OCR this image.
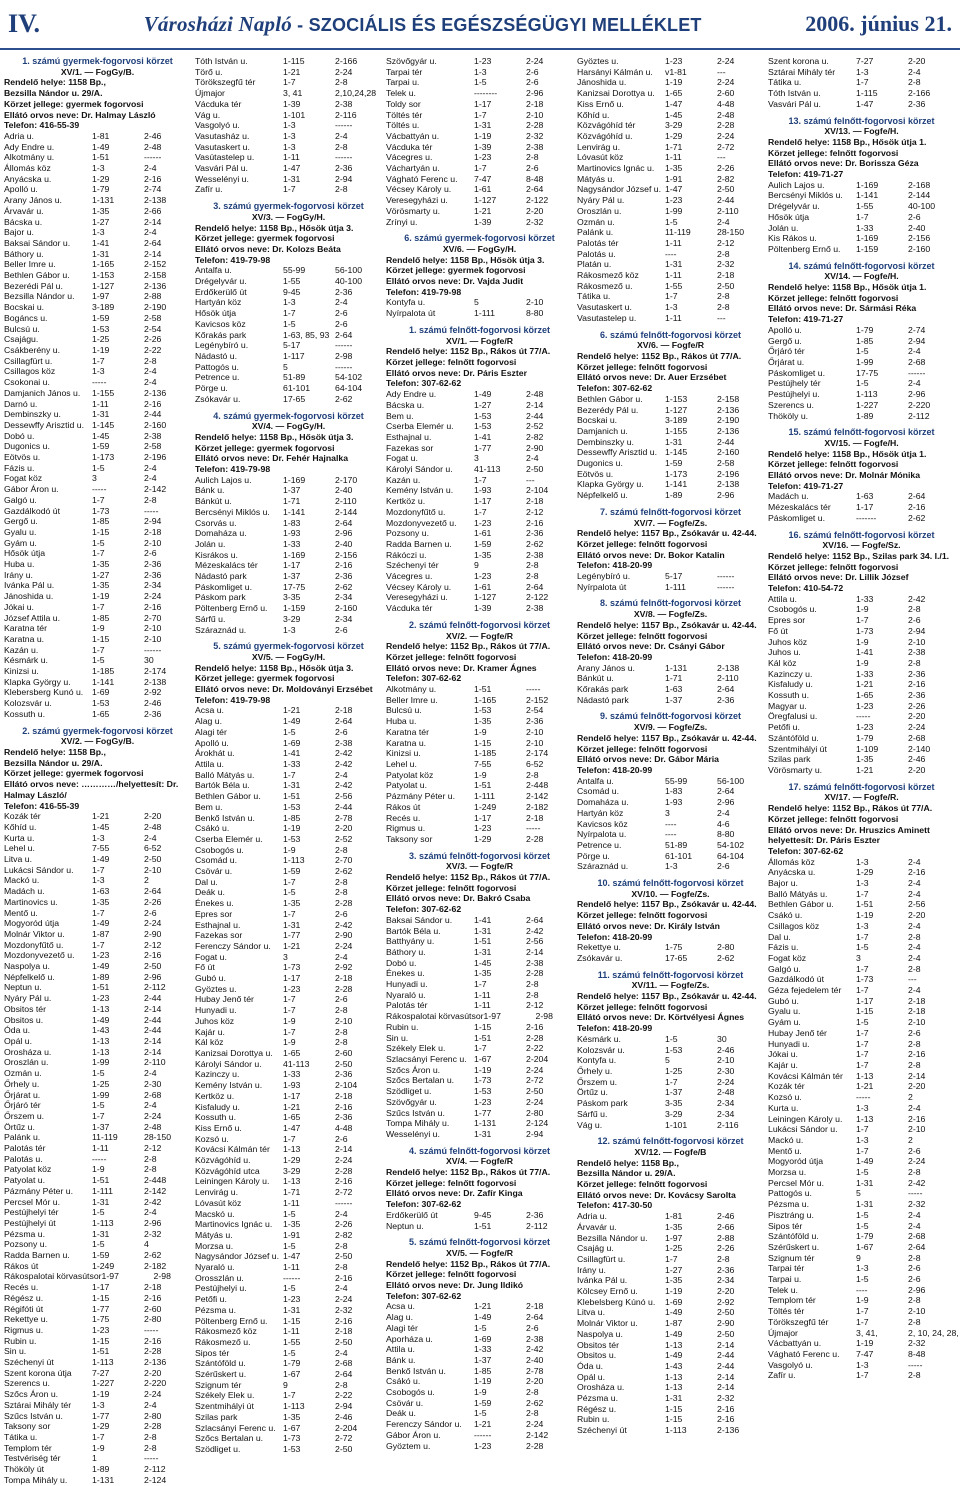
IV.	Városházi Napló - SZOCIÁLIS ÉS EGÉSZSÉGÜGYI MELLÉKLET	2006. június 21.
1. számú gyermek-fogorvosi körzet
XV/1. — FogGy/B.
Rendelő helye: 1158 Bp.,
Bezsilla Nándor u. 29/A.
Körzet jellege: gyermek fogorvosi
Ellátó orvos neve: Dr. Halmay László
Telefon: 416-55-39
Adria u.	1-81	2-46
Ady Endre u.	1-49	2-48
Alkotmány u.	1-51	------
Állomás köz	1-3	2-4
Anyácska u.	1-29	2-16
Apolló u.	1-79	2-74
Arany János u.	1-131	2-138
Árvavár u.	1-35	2-66
Bácska u.	1-27	2-14
Bajor u.	1-3	2-4
Baksai Sándor u.	1-41	2-64
Báthory u.	1-31	2-14
Beller Imre u.	1-165	2-152
Bethlen Gábor u.	1-153	2-158
Bezerédi Pál u.	1-127	2-136
Bezsilla Nándor u.	1-97	2-88
Bocskai u.	3-189	2-190
Bogáncs u.	1-59	2-58
Bulcsú u.	1-53	2-54
Csajágu.	1-25	2-26
Csákberény u.	1-19	2-22
Csillagfürt u.	1-7	2-8
Csillagos köz	1-3	2-4
Csokonai u.	-----	2-4
Damjanich János u.	1-155	2-136
Darnó u.	1-11	2-16
Dembinszky u.	1-31	2-44
Dessewffy Arisztid u. 1-145	2-160
Dobó u.	1-45	2-38
Dugonics u.	1-59	2-58
Eötvös u.	1-173	2-196
Fázis u.	1-5	2-4
Fogat köz	3	2-4
Gábor Áron u.	-----	2-142
Galgó u.	1-7	2-8
Gazdálkodó út	1-73	-----
Gergő u.	1-85	2-94
Gyalu u.	1-15	2-18
Gyám u.	1-5	2-10
Hősök útja	1-7	2-6
Huba u.	1-35	2-36
Irány u.	1-27	2-36
Ivánka Pál u.	1-35	2-34
Jánoshida u.	1-19	2-24
Jókai u.	1-7	2-16
József Attila u.	1-85	2-70
Karatna tér	1-9	2-10
Karatna u.	1-15	2-10
Kazán u.	1-7	------
Késmárk u.	1-5	30
Kinizsi u.	1-185	2-174
Klapka György u.	1-141	2-138
Klebersberg Kunó u.	1-69	2-92
Kolozsvár u.	1-53	2-46
Kossuth u.	1-65	2-36
2. számú gyermek-fogorvosi körzet
XV/2. — FogGy/B.
Rendelő helye: 1158 Bp.,
Bezsilla Nándor u. 29/A.
Körzet jellege: gyermek fogorvosi
Ellátó orvos neve: …………/helyettesít: Dr.
Halmay László/
Telefon: 416-55-39
Kozák tér	1-21	2-20
Kőhíd u.	1-45	2-48
Kurta u.	1-3	2-4
Lehel u.	7-55	6-52
Litva u.	1-49	2-50
Lukácsi Sándor u.	1-7	2-10
Mackó u.	1-3	2
Madách u.	1-63	2-64
Martinovics u.	1-35	2-26
Mentő u.	1-7	2-6
Mogyoród útja	1-49	2-24
Molnár Viktor u.	1-87	2-90
Mozdonyfűtő u.	1-7	2-12
Mozdonyvezető u.	1-23	2-16
Naspolya u.	1-49	2-50
Népfelkelő u.	1-89	2-96
Neptun u.	1-51	2-112
Nyáry Pál u.	1-23	2-44
Obsitos tér	1-13	2-14
Obsitos u.	1-49	2-44
Óda u.	1-43	2-44
Opál u.	1-13	2-14
Orosháza u.	1-13	2-14
Oroszlán u.	1-99	2-110
Ozmán u.	1-5	2-4
Őrhely u.	1-25	2-30
Őrjárat u.	1-99	2-68
Őrjáró tér	1-5	2-4
Őrszem u.	1-7	2-24
Örtűz u.	1-37	2-48
Palánk u.	11-119	28-150
Palotás tér	1-11	2-12
Palotás u.	-----	2-8
Patyolat köz	1-9	2-8
Patyolat u.	1-51	2-448
Pázmány Péter u.	1-111	2-142
Percsel Mór u.	1-31	2-42
Pestújhelyi tér	1-5	2-4
Pestújhelyi út	1-113	2-96
Pézsma u.	1-31	2-32
Pozsony u.	1-5	4
Radda Barnen u.	1-59	2-62
Rákos út	1-249	2-182
Rákospalotai körvasútsor 1-97	2-98
Recés u.	1-17	2-18
Régész u.	1-15	2-16
Régifóti út	1-77	2-60
Rekettye u.	1-75	2-80
Rigmus u.	1-23	-----
Rubin u.	1-15	2-16
Sin u.	1-51	2-28
Széchenyi út	1-113	2-136
Szent korona útja	7-27	2-20
Szerencs u.	1-227	2-220
Szőcs Áron u.	1-19	2-24
Sztárai Mihály tér	1-3	2-4
Szűcs István u.	1-77	2-80
Taksony sor	1-29	2-28
Tátika u.	1-7	2-8
Templom tér	1-9	2-8
Testvériség tér	1	-----
Thököly út	1-89	2-112
Tompa Mihály u.	1-131	2-124
Tóth István u.	1-115	2-166
Törő u.	1-21	2-24
Törökszegfű tér	1-7	2-8
Újmajor	3, 41	2,10,24,28
Vácduka tér	1-39	2-38
Vág u.	1-101	2-116
Vasgolyó u.	1-3	------
Vasutasház u.	1-3	2-4
Vasutaskert u.	1-3	2-8
Vasútastelep u.	1-11	------
Vasvári Pál u.	1-47	2-36
Wesselényi u.	1-31	2-94
Zafír u.	1-7	2-8
3. számú gyermek-fogorvosi körzet
XV/3. — FogGy/H.
Rendelő helye: 1158 Bp., Hősök útja 3.
Körzet jellege: gyermek fogorvosi
Ellátó orvos neve: Dr. Kolozs Beáta
Telefon: 419-79-98
Antalfa u.	55-99	56-100
Drégelyvár u.	1-55	40-100
Erdőkerülő út	9-45	2-36
Hartyán köz	1-3	2-4
Hősök útja	1-7	2-6
Kavicsos köz	1-5	2-6
Kőrakás park	1-63, 85, 93 2-64
Legénybíró u.	5-17	------
Nádastó u.	1-117	2-98
Pattogós u.	5	------
Petrence u.	51-89	54-102
Pörge u.	61-101	64-104
Zsókavár u.	17-65	2-62
4. számú gyermek-fogorvosi körzet
XV/4. — FogGy/H.
Rendelő helye: 1158 Bp., Hősök útja 3.
Körzet jellege: gyermek fogorvosi
Ellátó orvos neve: Dr. Fehér Hajnalka
Telefon: 419-79-98
Aulich Lajos u.	1-169	2-170
Bánk u.	1-37	2-40
Bánkút u.	1-71	2-110
Bercsényi Miklós u.	1-141	2-144
Csorvás u.	1-83	2-64
Domaháza u.	1-93	2-96
Jolán u.	1-33	2-40
Kisrákos u.	1-169	2-156
Mézeskalács tér	1-17	2-16
Nádastó park	1-37	2-36
Páskomliget u.	17-75	2-62
Páskom park	3-35	2-34
Pöltenberg Ernő u.	1-159	2-160
Sárfű u.	3-29	2-34
Száraznád u.	1-3	2-6
5. számú gyermek-fogorvosi körzet
XV/5. — FogGy/H.
Rendelő helye: 1158 Bp., Hősök útja 3.
Körzet jellege: gyermek fogorvosi
Ellátó orvos neve: Dr. Moldoványi Erzsébet
Telefon: 419-79-98
Acsa u.	1-21	2-18
Alag u.	1-49	2-64
Alagi tér	1-5	2-6
Apolló u.	1-69	2-38
Árokhát u.	1-41	2-42
Attila u.	1-33	2-42
Balló Mátyás u.	1-7	2-4
Bartók Béla u.	1-31	2-42
Bethlen Gábor u.	1-51	2-56
Bem u.	1-53	2-44
Benkő István u.	1-85	2-78
Csákó u.	1-19	2-20
Cserba Elemér u.	1-53	2-52
Csobogós u.	1-9	2-8
Csomád u.	1-113	2-70
Csövár u.	1-59	2-62
Dal u.	1-7	2-8
Deák u.	1-5	2-8
Énekes u.	1-35	2-28
Epres sor	1-7	2-6
Esthajnal u.	1-31	2-42
Fazekas sor	1-77	2-90
Ferenczy Sándor u.	1-21	2-24
Fogat u.	3	2-4
Fő út	1-73	2-92
Gubó u.	1-17	2-18
Gyöztes u.	1-23	2-28
Hubay Jenő tér	1-7	2-6
Hunyadi u.	1-7	2-8
Juhos köz	1-9	2-10
Kajár u.	1-7	2-8
Kál köz	1-9	2-8
Kanizsai Dorottya u.	1-65	2-60
Károlyi Sándor u.	41-113	2-50
Kazinczy u.	1-33	2-36
Kemény István u.	1-93	2-104
Kertköz u.	1-17	2-18
Kisfaludy u.	1-21	2-16
Kossuth u.	1-65	2-36
Kiss Ernő u.	1-47	4-48
Kozsó u.	1-7	2-6
Kovácsi Kálmán tér	1-13	2-14
Közvágóhíd u.	1-29	2-24
Közvágóhíd utca	3-29	2-28
Leiningen Károly u.	1-13	2-16
Lenvirág u.	1-71	2-72
Lóvasút köz	1-11	------
Macskó u.	1-5	2-4
Martinovics Ignác u.	1-35	2-26
Mátyás u.	1-91	2-82
Morzsa u.	1-5	2-8
Nagysándor József u. 1-47	2-50
Nyaraló u.	1-11	2-8
Orosszlán u.	------	2-16
Pestújhelyi u.	1-5	2-4
Petőfi u.	1-23	2-24
Pézsma u.	1-31	2-32
Pöltenberg Ernő u.	1-15	2-16
Rákosmező köz	1-11	2-18
Rákosmező u.	1-55	2-50
Sipos tér	1-5	2-4
Szántóföld u.	1-79	2-68
Szérűskert u.	1-67	2-64
Szignum tér	9	2-8
Székely Elek u.	1-7	2-22
Szentmihályi út	1-113	2-94
Szilas park	1-35	2-46
Szlacsányi Ferenc u. 1-67	2-204
Szőcs Bertalan u.	1-73	2-72
Szödliget u.	1-53	2-50
Szövőgyár u.	1-23	2-24
Tarpai tér	1-3	2-6
Tarpai u.	1-5	2-6
Telek u.	--------	2-96
Toldy sor	1-17	2-18
Töltés tér	1-7	2-10
Töltés u.	1-31	2-28
Vácbattyán u.	1-19	2-32
Vácduka tér	1-39	2-38
Vácegres u.	1-23	2-8
Váchartyán u.	1-7	2-6
Vágható Ferenc u.	7-47	8-48
Vécsey Károly u.	1-61	2-64
Veresegyházi u.	1-127	2-122
Vörösmarty u.	1-21	2-20
Zrínyi u.	1-39	2-32
6. számú gyermek-fogorvosi körzet
XV/6. — FogGy/H.
Rendelő helye: 1158 Bp., Hősök útja 3.
Körzet jellege: gyermek fogorvosi
Ellátó orvos neve: Dr. Vajda Judit
Telefon: 419-79-98
Kontyfa u.	5	2-10
Nyírpalota út	1-111	8-80
1. számú felnőtt-fogorvosi körzet
XV/1. — Fogfe/R
Rendelő helye: 1152 Bp., Rákos út 77/A.
Körzet jellege: felnőtt fogorvosi
Ellátó orvos neve: Dr. Páris Eszter
Telefon: 307-62-62
Ady Endre u.	1-49	2-48
Bácska u.	1-27	2-14
Bem u.	1-53	2-44
Cserba Elemér u.	1-53	2-52
Esthajnal u.	1-41	2-82
Fazekas sor	1-77	2-90
Fogat u.	3	2-4
Károlyi Sándor u.	41-113	2-50
Kazán u.	1-7	---
Kemény István u.	1-93	2-104
Kertköz u.	1-17	2-18
Mozdonyfűtő u.	1-7	2-12
Mozdonyvezető u.	1-23	2-16
Pozsony u.	1-61	2-36
Radda Barnen u.	1-59	2-62
Rákóczi u.	1-35	2-38
Széchenyi tér	9	2-8
Vácegres u.	1-23	2-8
Vécsey Károly u.	1-61	2-64
Veresegyházi u.	1-127	2-122
Vácduka tér	1-39	2-38
2. számú felnőtt-fogorvosi körzet
XV/2. — Fogfe/R
Rendelő helye: 1152 Bp., Rákos út 77/A.
Körzet jellege: felnőtt fogorvosi
Ellátó orvos neve: Dr. Kramer Ágnes
Telefon: 307-62-62
Alkotmány u.	1-51	-----
Beller Imre u.	1-165	2-152
Bulcsú u.	1-53	2-54
Huba u.	1-35	2-36
Karatna tér	1-9	2-10
Karatna u.	1-15	2-10
Kinizsi u.	1-185	2-174
Lehel u.	7-55	6-52
Patyolat köz	1-9	2-8
Patyolat u.	1-51	2-448
Pázmány Péter u.	1-111	2-142
Rákos út	1-249	2-182
Recés u.	1-17	2-18
Rigmus u.	1-23	-----
Taksony sor	1-29	2-28
3. számú felnőtt-fogorvosi körzet
XV/3. — Fogfe/R
Rendelő helye: 1152 Bp., Rákos út 77/A.
Körzet jellege: felnőtt fogorvosi
Ellátó orvos neve: Dr. Bakró Csaba
Telefon: 307-62-62
Baksai Sándor u.	1-41	2-64
Bartók Béla u.	1-31	2-42
Batthyány u.	1-51	2-56
Báthory u.	1-31	2-14
Dobó u.	1-45	2-38
Énekes u.	1-35	2-28
Hunyadi u.	1-7	2-8
Nyaraló u.	1-11	2-8
Palotás tér	1-11	2-12
Rákospalotai körvasútsor 1-97	2-98
Rubin u.	1-15	2-16
Sin u.	1-51	2-28
Székely Elek u.	1-7	2-22
Szlacsányi Ferenc u. 1-67	2-204
Szőcs Áron u.	1-19	2-24
Szőcs Bertalan u.	1-73	2-72
Szödliget u.	1-53	2-50
Szövőgyár u.	1-23	2-24
Szűcs István u.	1-77	2-80
Tompa Mihály u.	1-131	2-124
Wesselényi u.	1-31	2-94
4. számú felnőtt-fogorvosi körzet
XV/4. — Fogfe/R
Rendelő helye: 1152 Bp., Rákos út 77/A.
Körzet jellege: felnőtt fogorvosi
Ellátó orvos neve: Dr. Zafír Kinga
Telefon: 307-62-62
Erdőkerülő út	9-45	2-36
Neptun u.	1-51	2-112
5. számú felnőtt-fogorvosi körzet
XV/5. — Fogfe/R
Rendelő helye: 1152 Bp., Rákos út 77/A.
Körzet jellege: felnőtt fogorvosi
Ellátó orvos neve: Dr. Jung Ildikó
Telefon: 307-62-62
Acsa u.	1-21	2-18
Alag u.	1-49	2-64
Alagi tér	1-5	2-6
Aporháza u.	1-69	2-38
Attila u.	1-33	2-42
Bánk u.	1-37	2-40
Benkő István u.	1-85	2-78
Csákó u.	1-19	2-20
Csobogós u.	1-9	2-8
Csövár u.	1-59	2-62
Deák u.	1-5	2-8
Ferenczy Sándor u.	1-21	2-24
Gábor Áron u.	------	2-142
Gyöztem u.	1-23	2-28
Gyöztes u.	1-23	2-24
Harsányi Kálmán u.	v1-81	---
Jánoshida u.	1-19	2-24
Kanizsai Dorottya u.	1-65	2-60
Kiss Ernő u.	1-47	4-48
Kőhíd u.	1-45	2-48
Közvágóhíd tér	3-29	2-28
Közvágóhíd u.	1-29	2-24
Lenvirág u.	1-71	2-72
Lóvasút köz	1-11	---
Martinovics Ignác u.	1-35	2-26
Mátyás u.	1-91	2-82
Nagysándor József u. 1-47	2-50
Nyáry Pál u.	1-23	2-44
Oroszlán u.	1-99	2-110
Ozmán u.	1-5	2-4
Palánk u.	11-119	28-150
Palotás tér	1-11	2-12
Palotás u.	----	2-8
Platán u.	1-31	2-32
Rákosmező köz	1-11	2-18
Rákosmező u.	1-55	2-50
Tátika u.	1-7	2-8
Vasutaskert u.	1-3	2-8
Vasutastelep u.	1-11	---
6. számú felnőtt-fogorvosi körzet
XV/6. — Fogfe/R
Rendelő helye: 1152 Bp., Rákos út 77/A.
Körzet jellege: felnőtt fogorvosi
Ellátó orvos neve: Dr. Auer Erzsébet
Telefon: 307-62-62
Bethlen Gábor u.	1-153	2-158
Bezerédy Pál u.	1-127	2-136
Bocskai u.	3-189	2-190
Damjanich u.	1-155	2-136
Dembinszky u.	1-31	2-44
Dessewffy Arisztid u. 1-145	2-160
Dugonics u.	1-59	2-58
Eötvös u.	1-173	2-196
Klapka György u.	1-141	2-138
Népfelkelő u.	1-89	2-96
7. számú felnőtt-fogorvosi körzet
XV/7. — Fogfe/Zs.
Rendelő helye: 1157 Bp., Zsókavár u. 42-44.
Körzet jellege: felnőtt fogorvosi
Ellátó orvos neve: Dr. Bokor Katalin
Telefon: 418-20-99
Legénybíró u.	5-17	------
Nyírpalota út	1-111	------
8. számú felnőtt-fogorvosi körzet
XV/8. — Fogfe/Zs.
Rendelő helye: 1157 Bp., Zsókavár u. 42-44.
Körzet jellege: felnőtt fogorvosi
Ellátó orvos neve: Dr. Csányi Gábor
Telefon: 418-20-99
Arany János u.	1-131	2-138
Bánkút u.	1-71	2-110
Kőrakás park	1-63	2-64
Nádastó park	1-37	2-36
9. számú felnőtt-fogorvosi körzet
XV/9. — Fogfe/Zs.
Rendelő helye: 1157 Bp., Zsókavár u. 42-44.
Körzet jellege: felnőtt fogorvosi
Ellátó orvos neve: Dr. Gábor Mária
Telefon: 418-20-99
Antalfa u.	55-99	56-100
Csomád u.	1-83	2-64
Domaháza u.	1-93	2-96
Hartyán köz	3	2-4
Kavicsos köz	----	4-6
Nyírpalota u.	----	8-80
Petrence u.	51-89	54-102
Pörge u.	61-101	64-104
Száraznád u.	1-3	2-6
10. számú felnőtt-fogorvosi körzet
XV/10. — Fogfe/Zs.
Rendelő helye: 1157 Bp., Zsókavár u. 42-44.
Körzet jellege: felnőtt fogorvosi
Ellátó orvos neve: Dr. Király István
Telefon: 418-20-99
Rekettye u.	1-75	2-80
Zsókavár u.	17-65	2-62
11. számú felnőtt-fogorvosi körzet
XV/11. — Fogfe/Zs.
Rendelő helye: 1157 Bp., Zsókavár u. 42-44.
Körzet jellege: felnőtt fogorvosi
Ellátó orvos neve: Dr. Körtvélyesi Ágnes
Telefon: 418-20-99
Késmárk u.	1-5	30
Kolozsvár u.	1-53	2-46
Kontyfa u.	5	2-10
Őrhely u.	1-25	2-30
Őrszem u.	1-7	2-24
Örtűz u.	1-37	2-48
Páskom park	3-35	2-34
Sárfű u.	3-29	2-34
Vág u.	1-101	2-116
12. számú felnőtt-fogorvosi körzet
XV/12. — Fogfe/B
Rendelő helye: 1158 Bp.,
Bezsilla Nándor u. 29/A.
Körzet jellege: felnőtt fogorvosi
Ellátó orvos neve: Dr. Kovácsy Sarolta
Telefon: 417-30-50
Adria u.	1-81	2-46
Árvavár u.	1-35	2-66
Bezsilla Nándor u.	1-97	2-88
Csajág u.	1-25	2-26
Csillagfürt u.	1-7	2-8
Irány u.	1-27	2-36
Ivánka Pál u.	1-35	2-34
Kölcsey Ernő u.	1-19	2-20
Klebelsberg Kúnó u.	1-69	2-92
Litva u.	1-49	2-50
Molnár Viktor u.	1-87	2-90
Naspolya u.	1-49	2-50
Obsitos tér	1-13	2-14
Obsitos u.	1-49	2-44
Óda u.	1-43	2-44
Opál u.	1-13	2-14
Orosháza u.	1-13	2-14
Pézsma u.	1-31	2-32
Régész u.	1-15	2-16
Rubin u.	1-15	2-16
Széchenyi út	1-113	2-136
Szent korona u.	7-27	2-20
Sztárai Mihály tér	1-3	2-4
Tátika u.	1-7	2-8
Tóth István u.	1-115	2-166
Vasvári Pál u.	1-47	2-36
13. számú felnőtt-fogorvosi körzet
XV/13. — Fogfe/H.
Rendelő helye: 1158 Bp., Hősök útja 1.
Körzet jellege: felnőtt fogorvosi
Ellátó orvos neve: Dr. Borissza Géza
Telefon: 419-71-27
Aulich Lajos u.	1-169	2-168
Bercsényi Miklós u.	1-141	2-144
Drégelyvár u.	1-55	40-100
Hősök útja	1-7	2-6
Jolán u.	1-33	2-40
Kis Rákos u.	1-169	2-156
Pöltenberg Ernő u.	1-159	2-160
14. számú felnőtt-fogorvosi körzet
XV/14. — Fogfe/H.
Rendelő helye: 1158 Bp., Hősök útja 1.
Körzet jellege: felnőtt fogorvosi
Ellátó orvos neve: Dr. Sármási Réka
Telefon: 419-71-27
Apolló u.	1-79	2-74
Gergő u.	1-85	2-94
Őrjáró tér	1-5	2-4
Őrjárat u.	1-99	2-68
Páskomliget u.	17-75	------
Pestújhely tér	1-5	2-4
Pestújhelyi u.	1-113	2-96
Szerencs u.	1-227	2-220
Thököly u.	1-89	2-112
15. számú felnőtt-fogorvosi körzet
XV/15. — Fogfe/H.
Rendelő helye: 1158 Bp., Hősök útja 1.
Körzet jellege: felnőtt fogorvosi
Ellátó orvos neve: Dr. Molnár Mónika
Telefon: 419-71-27
Madách u.	1-63	2-64
Mézeskalács tér	1-17	2-16
Páskomliget u.	-------	2-62
16. számú felnőtt-fogorvosi körzet
XV/16. — Fogfe/Sz.
Rendelő helye: 1152 Bp., Szilas park 34. I./1.
Körzet jellege: felnőtt fogorvosi
Ellátó orvos neve: Dr. Lillik József
Telefon: 410-54-72
Attila u.	1-33	2-42
Csobogós u.	1-9	2-8
Epres sor	1-7	2-6
Fő út	1-73	2-94
Juhos köz	1-9	2-10
Juhos u.	1-41	2-38
Kál köz	1-9	2-8
Kazinczy u.	1-33	2-36
Kisfaludy u.	1-21	2-16
Kossuth u.	1-65	2-36
Magyar u.	1-23	2-26
Öregfalusi u.	-----	2-20
Petőfi u.	1-23	2-24
Szántóföld u.	1-79	2-68
Szentmihályi út	1-109	2-140
Szilas park	1-35	2-46
Vörösmarty u.	1-21	2-20
17. számú felnőtt-fogorvosi körzet
XV/17. — Fogfe/R.
Rendelő helye: 1152 Bp., Rákos út 77/A.
Körzet jellege: felnőtt fogorvosi
Ellátó orvos neve: Dr. Hruszics Aminett
helyettesít: Dr. Páris Eszter
Telefon: 307-62-62
Állomás köz	1-3	2-4
Anyácska u.	1-29	2-16
Bajor u.	1-3	2-4
Balló Mátyás u.	1-7	2-4
Bethlen Gábor u.	1-51	2-56
Csákó u.	1-19	2-20
Csillagos köz	1-3	2-4
Dal u.	1-7	2-8
Fázis u.	1-5	2-4
Fogat köz	3	2-4
Galgó u.	1-7	2-8
Gazdálkodó út	1-73	---
Géza fejedelem tér	1-7	2-4
Gubó u.	1-17	2-18
Gyalu u.	1-15	2-18
Gyám u.	1-5	2-10
Hubay Jenő tér	1-7	2-6
Hunyadi u.	1-7	2-8
Jókai u.	1-7	2-16
Kajár u.	1-7	2-8
Kovácsi Kálmán tér	1-13	2-14
Kozák tér	1-21	2-20
Kozsó u.	-----	2
Kurta u.	1-3	2-4
Leiningen Károly u.	1-13	2-16
Lukácsi Sándor u.	1-7	2-10
Mackó u.	1-3	2
Mentő u.	1-7	2-6
Mogyoród útja	1-49	2-24
Morzsa u.	1-5	2-8
Percsel Mór u.	1-31	2-42
Pattogós u.	5	-----
Pézsma u.	1-31	2-32
Pisztráng u.	1-5	2-4
Sipos tér	1-5	2-4
Szántóföld u.	1-79	2-68
Szérűskert u.	1-67	2-64
Szignum tér	9	2-8
Tarpai tér	1-3	2-6
Tarpai u.	1-5	2-6
Telek u.	----	2-96
Templom tér	1-9	2-8
Töltés tér	1-7	2-10
Törökszegfű tér	1-7	2-8
Újmajor	3, 41,	2, 10, 24, 28,
Vácbattyán u.	1-19	2-32
Vágható Ferenc u.	7-47	8-48
Vasgolyó u.	1-3	-----
Zafír u.	1-7	2-8
